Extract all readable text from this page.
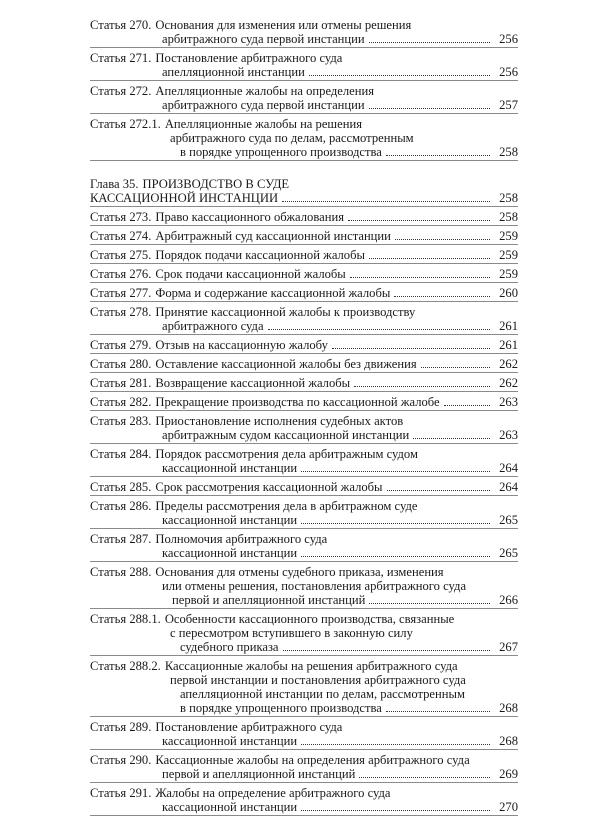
Статья 270. Основания для изменения или отмены решения
арбитражного суда первой инстанции	256
Статья 271. Постановление арбитражного суда
апелляционной инстанции	256
Статья 272. Апелляционные жалобы на определения
арбитражного суда первой инстанции	257
Статья 272.1. Апелляционные жалобы на решения
арбитражного суда по делам, рассмотренным
в порядке упрощенного производства	258
Глава 35. ПРОИЗВОДСТВО В СУДЕ
КАССАЦИОННОЙ ИНСТАНЦИИ	258
Статья 273. Право кассационного обжалования	258
Статья 274. Арбитражный суд кассационной инстанции	259
Статья 275. Порядок подачи кассационной жалобы	259
Статья 276. Срок подачи кассационной жалобы	259
Статья 277. Форма и содержание кассационной жалобы	260
Статья 278. Принятие кассационной жалобы к производству
арбитражного суда	261
Статья 279. Отзыв на кассационную жалобу	261
Статья 280. Оставление кассационной жалобы без движения	262
Статья 281. Возвращение кассационной жалобы	262
Статья 282. Прекращение производства по кассационной жалобе	263
Статья 283. Приостановление исполнения судебных актов
арбитражным судом кассационной инстанции	263
Статья 284. Порядок рассмотрения дела арбитражным судом
кассационной инстанции	264
Статья 285. Срок рассмотрения кассационной жалобы	264
Статья 286. Пределы рассмотрения дела в арбитражном суде
кассационной инстанции	265
Статья 287. Полномочия арбитражного суда
кассационной инстанции	265
Статья 288. Основания для отмены судебного приказа, изменения
или отмены решения, постановления арбитражного суда
первой и апелляционной инстанций	266
Статья 288.1. Особенности кассационного производства, связанные
с пересмотром вступившего в законную силу
судебного приказа	267
Статья 288.2. Кассационные жалобы на решения арбитражного суда
первой инстанции и постановления арбитражного суда
апелляционной инстанции по делам, рассмотренным
в порядке упрощенного производства	268
Статья 289. Постановление арбитражного суда
кассационной инстанции	268
Статья 290. Кассационные жалобы на определения арбитражного суда
первой и апелляционной инстанций	269
Статья 291. Жалобы на определение арбитражного суда
кассационной инстанции	270
